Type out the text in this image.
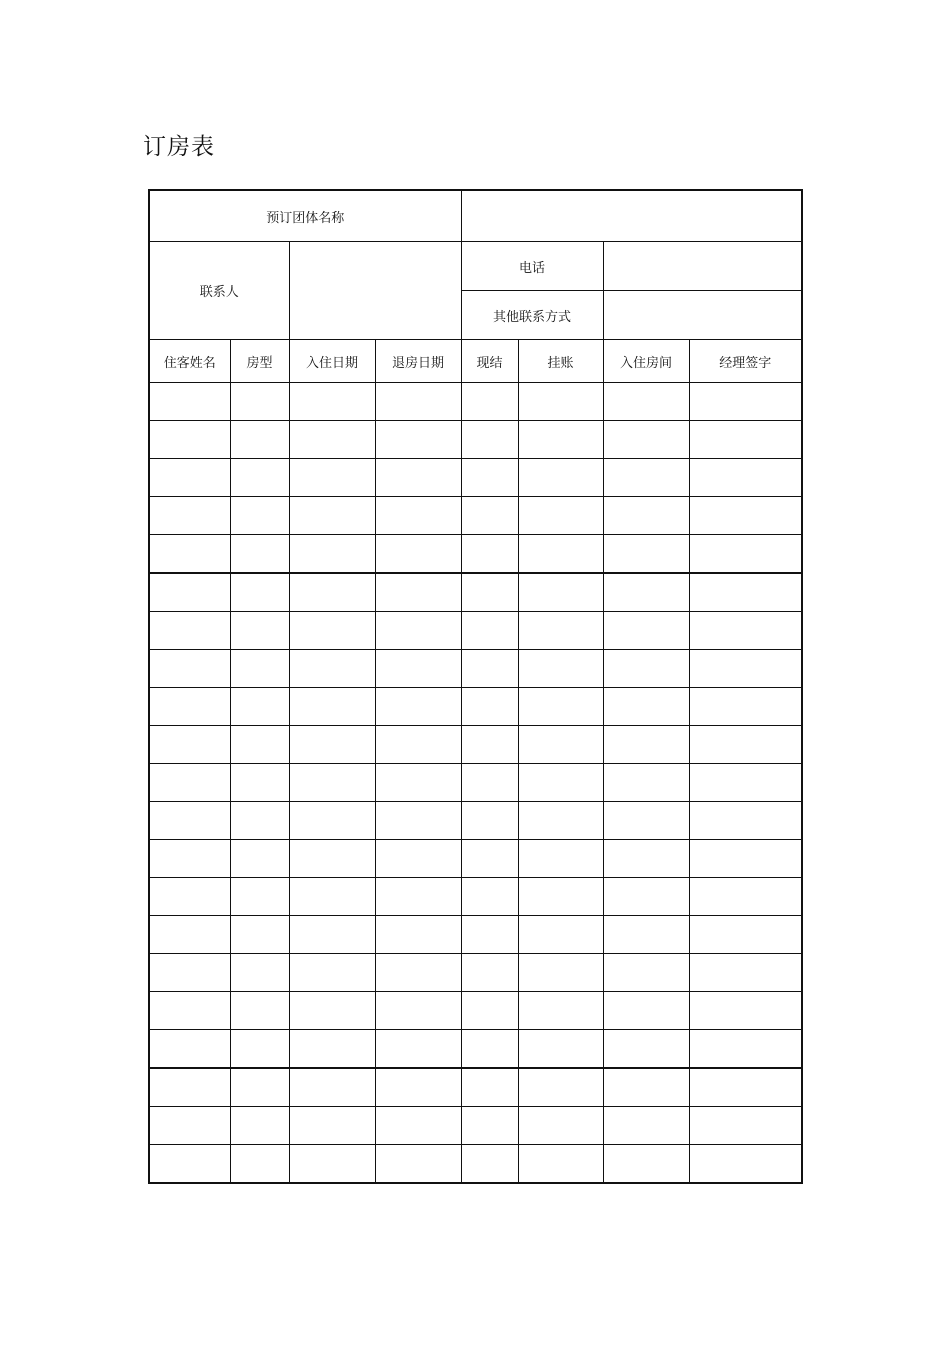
订房表
预订团体名称							
联系人				电话			
				其他联系方式			
住客姓名	房型	入住日期	退房日期	现结	挂账	入住房间	经理签字
